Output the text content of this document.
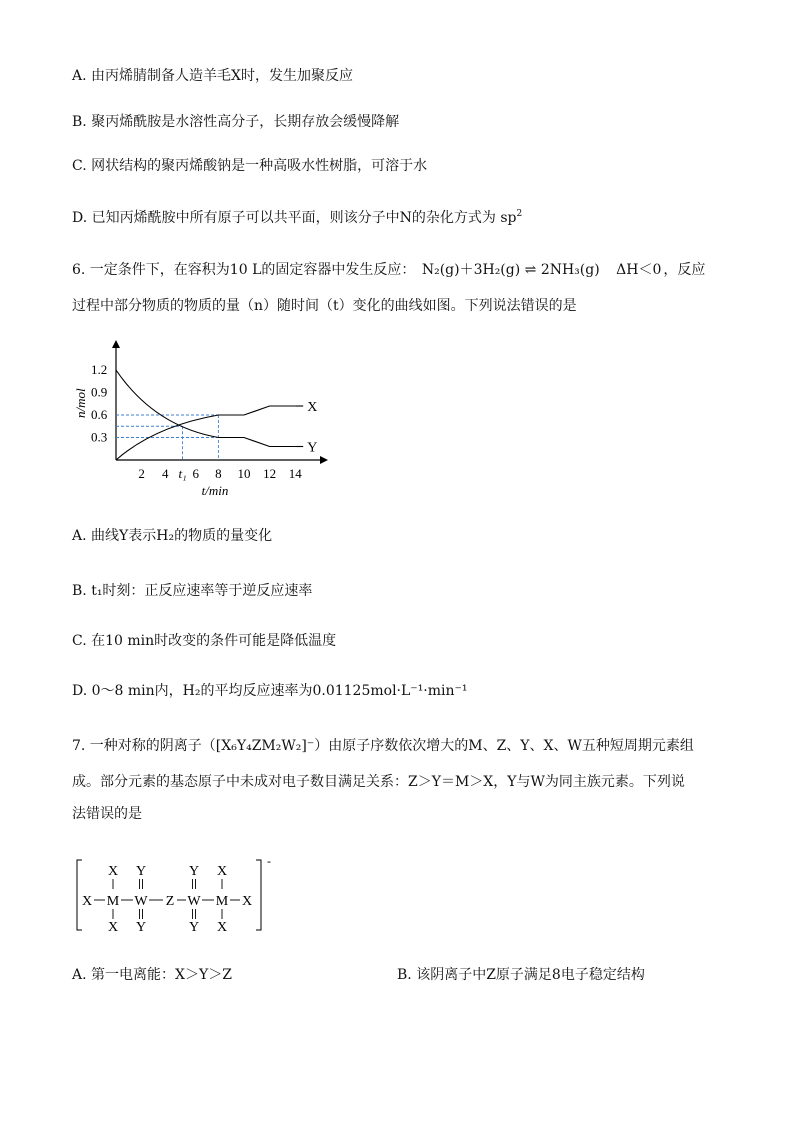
A. 由丙烯腈制备人造羊毛X时，发生加聚反应
B. 聚丙烯酰胺是水溶性高分子，长期存放会缓慢降解
C. 网状结构的聚丙烯酸钠是一种高吸水性树脂，可溶于水
D. 已知丙烯酰胺中所有原子可以共平面，则该分子中N的杂化方式为 $sp^2$
6. 一定条件下，在容积为10 L的固定容器中发生反应： N₂(g)＋3H₂(g) ⇌ 2NH₃(g) ΔH＜0 ，反应
过程中部分物质的物质的量（n）随时间（t）变化的曲线如图。下列说法错误的是
1.2
0.9
0.6
0.3
n/mol
2 4 t₁ 6 8 10 12 14
t/min
X
Y
A. 曲线Y表示H₂的物质的量变化
B. t₁时刻：正反应速率等于逆反应速率
C. 在10 min时改变的条件可能是降低温度
D. 0～8 min内，H₂的平均反应速率为0.01125mol·L⁻¹·min⁻¹
7. 一种对称的阴离子（[X₆Y₄ZM₂W₂]⁻）由原子序数依次增大的M、Z、Y、X、W五种短周期元素组
成。部分元素的基态原子中未成对电子数目满足关系：Z＞Y＝M＞X，Y与W为同主族元素。下列说
法错误的是
-
X M W Z W M X
X Y	Y X
X Y	Y X
A. 第一电离能：X＞Y＞Z	B. 该阴离子中Z原子满足8电子稳定结构
